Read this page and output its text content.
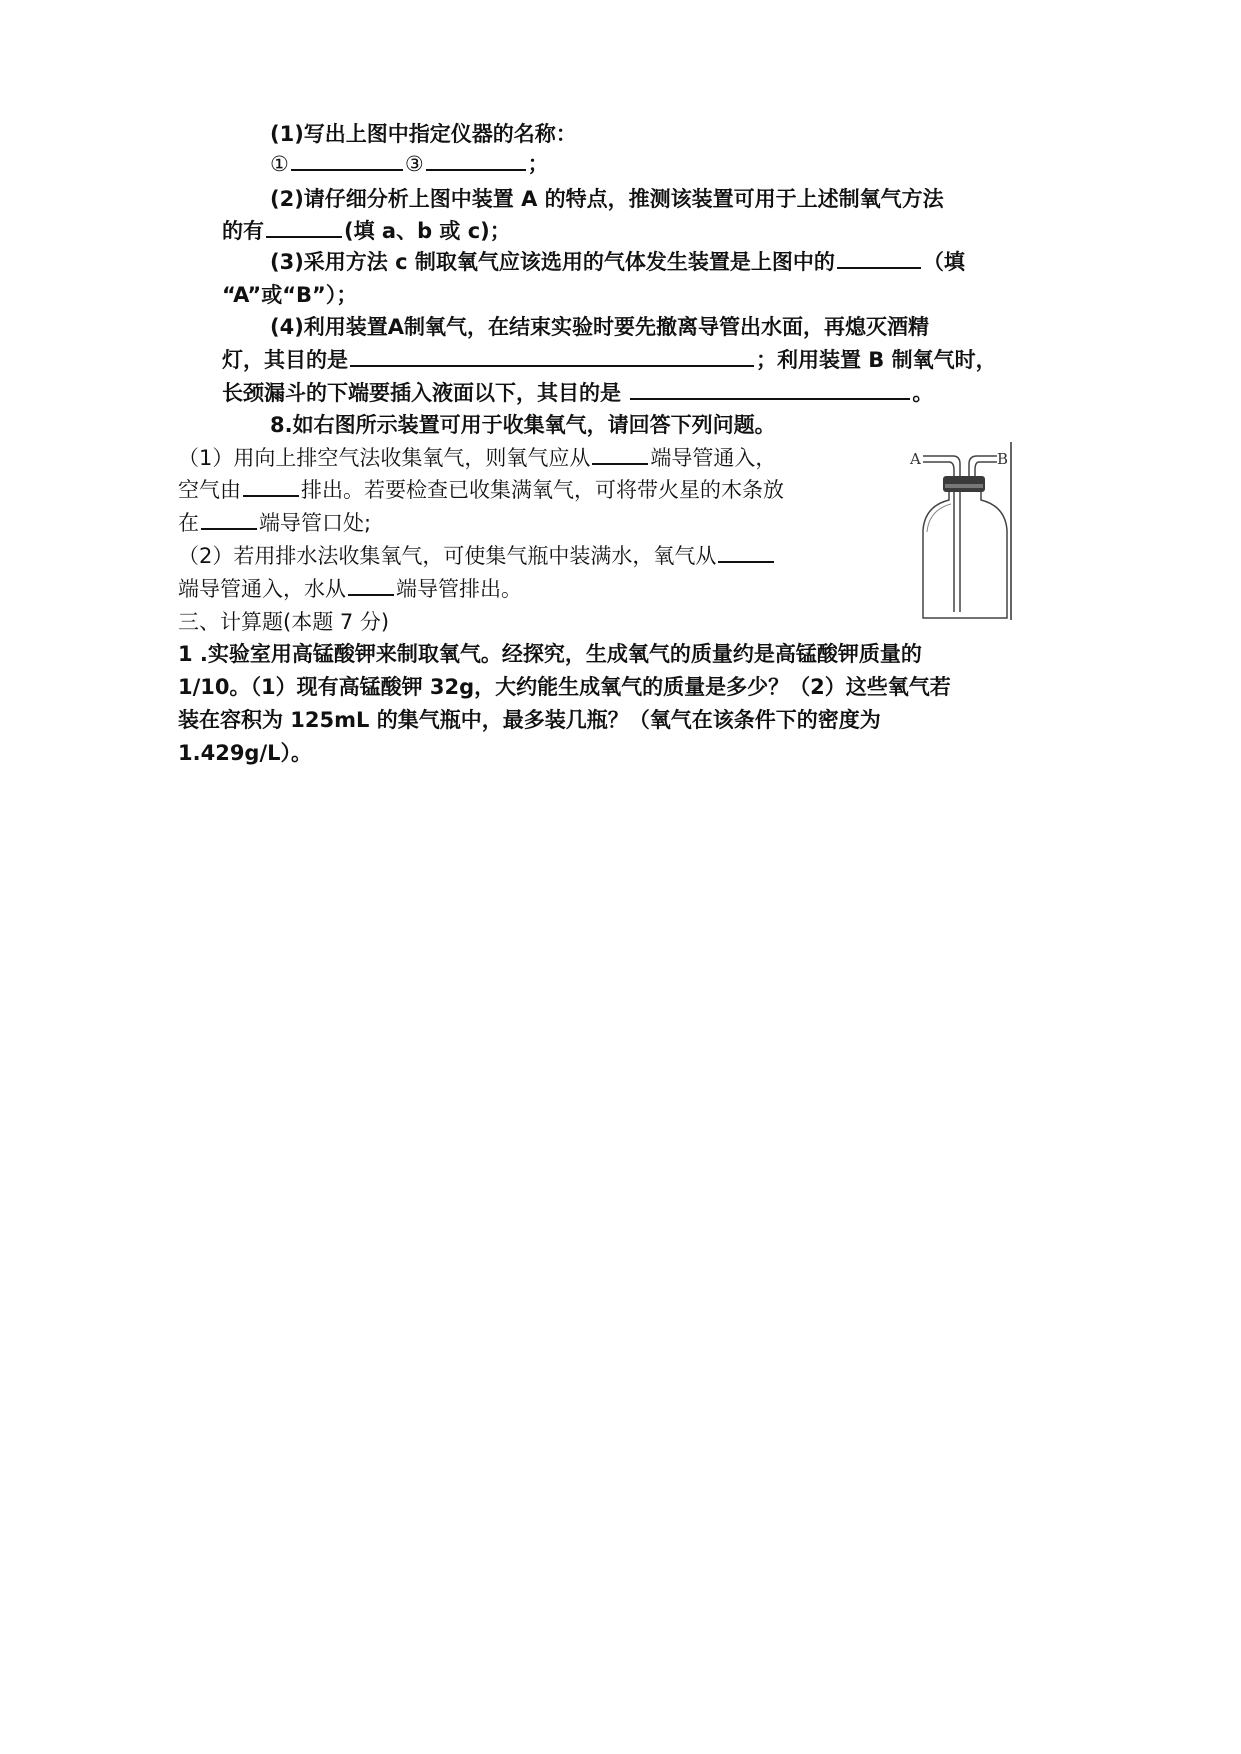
(1)写出上图中指定仪器的名称：
①	③	；
(2)请仔细分析上图中装置 A 的特点，推测该装置可用于上述制氧气方法
的有	(填 a、b 或 c)；
(3)采用方法 c 制取氧气应该选用的气体发生装置是上图中的	（填
“A”或“B”）；
(4)利用装置A制氧气，在结束实验时要先撤离导管出水面，再熄灭酒精
灯，其目的是	；利用装置 B 制氧气时，
长颈漏斗的下端要插入液面以下，其目的是	。
8.如右图所示装置可用于收集氧气，请回答下列问题。
（1）用向上排空气法收集氧气，则氧气应从	端导管通入，
空气由	排出。若要检查已收集满氧气，可将带火星的木条放
在	端导管口处;
（2）若用排水法收集氧气，可使集气瓶中装满水，氧气从
端导管通入，水从 端导管排出。
A	B
三、计算题(本题 7 分)
1 .实验室用高锰酸钾来制取氧气。经探究，生成氧气的质量约是高锰酸钾质量的
1/10。（1）现有高锰酸钾 32g，大约能生成氧气的质量是多少？（2）这些氧气若
装在容积为 125mL 的集气瓶中，最多装几瓶？（氧气在该条件下的密度为
1.429g/L）。
